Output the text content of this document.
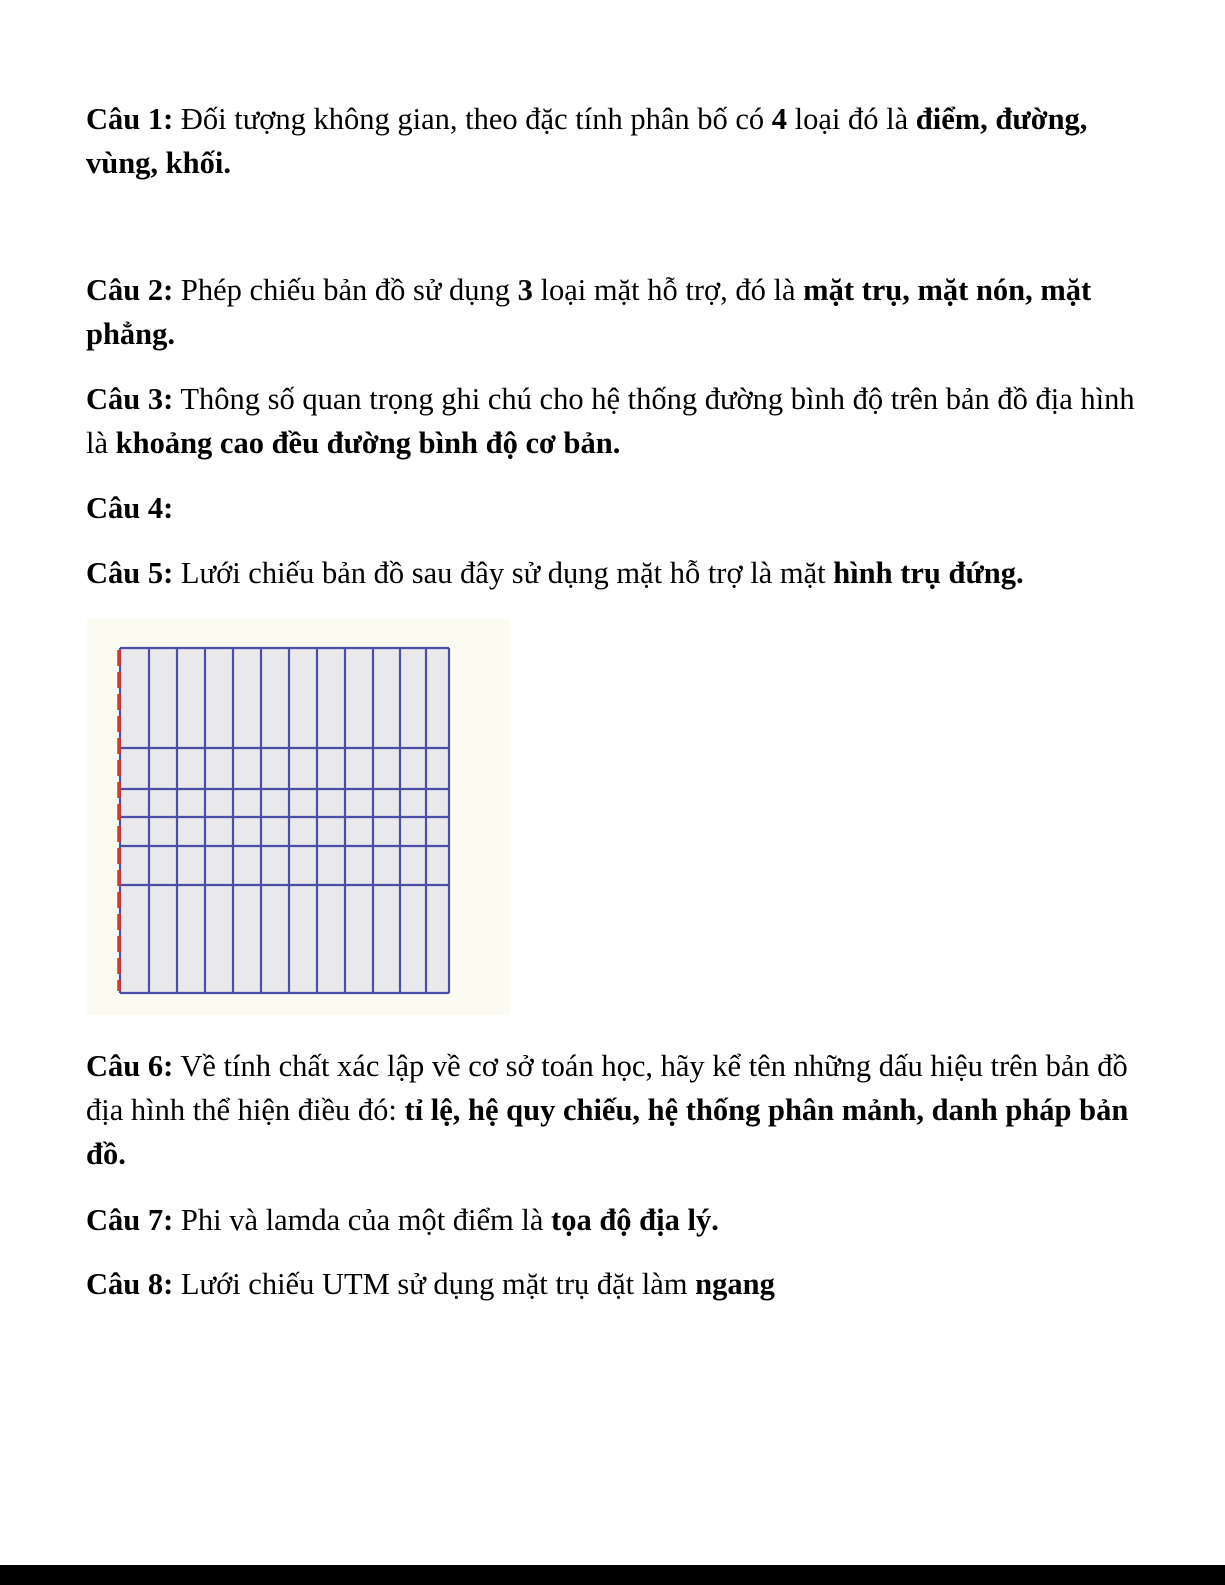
Câu 1: Đối tượng không gian, theo đặc tính phân bố có 4 loại đó là điểm, đường, vùng, khối.

Câu 2: Phép chiếu bản đồ sử dụng 3 loại mặt hỗ trợ, đó là mặt trụ, mặt nón, mặt phẳng.

Câu 3: Thông số quan trọng ghi chú cho hệ thống đường bình độ trên bản đồ địa hình là khoảng cao đều đường bình độ cơ bản.

Câu 4:

Câu 5: Lưới chiếu bản đồ sau đây sử dụng mặt hỗ trợ là mặt hình trụ đứng.

Câu 6: Về tính chất xác lập về cơ sở toán học, hãy kể tên những dấu hiệu trên bản đồ địa hình thể hiện điều đó: tỉ lệ, hệ quy chiếu, hệ thống phân mảnh, danh pháp bản đồ.

Câu 7: Phi và lamda của một điểm là tọa độ địa lý.

Câu 8: Lưới chiếu UTM sử dụng mặt trụ đặt làm ngang
